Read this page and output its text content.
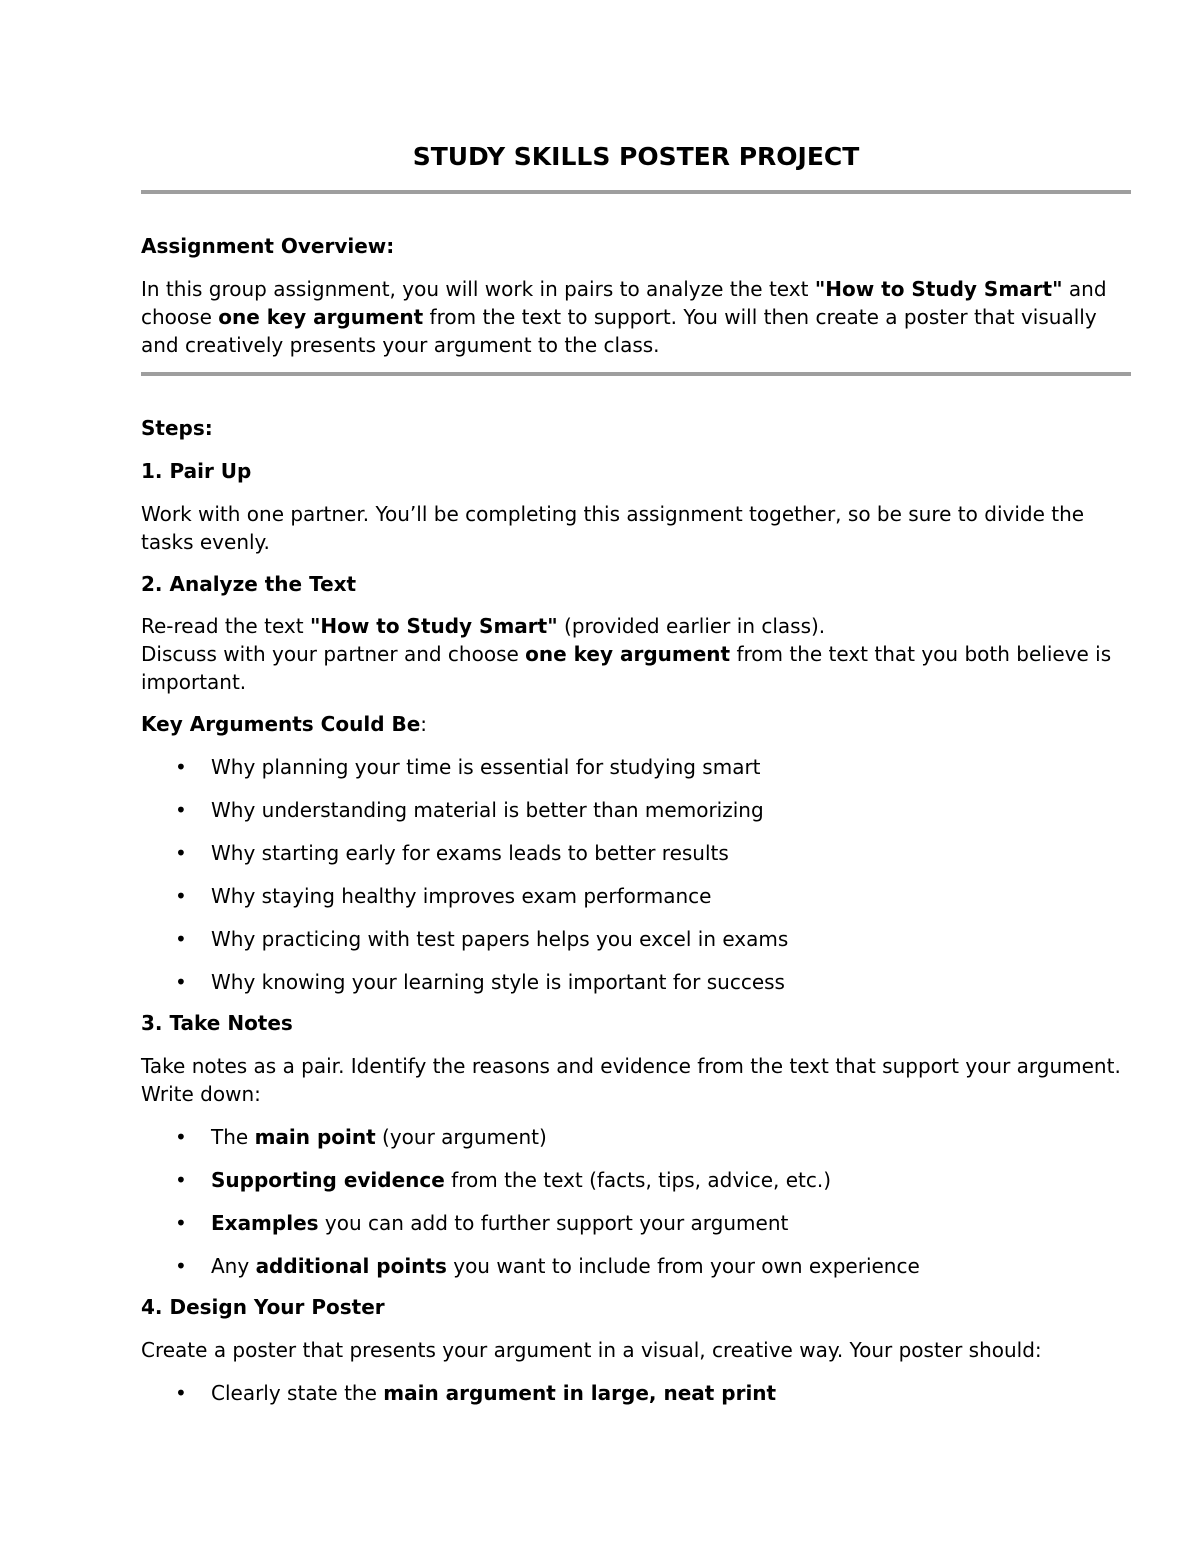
STUDY SKILLS POSTER PROJECT

Assignment Overview:

In this group assignment, you will work in pairs to analyze the text "How to Study Smart" and choose one key argument from the text to support. You will then create a poster that visually and creatively presents your argument to the class.

Steps:

1. Pair Up

Work with one partner. You’ll be completing this assignment together, so be sure to divide the tasks evenly.

2. Analyze the Text

Re-read the text "How to Study Smart" (provided earlier in class).

Discuss with your partner and choose one key argument from the text that you both believe is important.

Key Arguments Could Be:

• Why planning your time is essential for studying smart
• Why understanding material is better than memorizing
• Why starting early for exams leads to better results
• Why staying healthy improves exam performance
• Why practicing with test papers helps you excel in exams
• Why knowing your learning style is important for success

3. Take Notes

Take notes as a pair. Identify the reasons and evidence from the text that support your argument. Write down:

• The main point (your argument)
• Supporting evidence from the text (facts, tips, advice, etc.)
• Examples you can add to further support your argument
• Any additional points you want to include from your own experience

4. Design Your Poster

Create a poster that presents your argument in a visual, creative way. Your poster should:

• Clearly state the main argument in large, neat print
